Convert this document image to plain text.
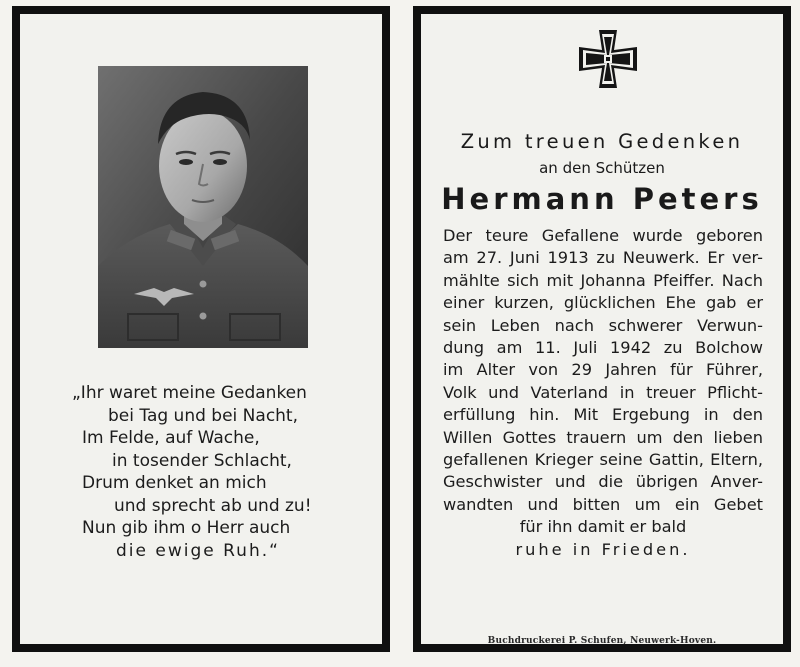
„Ihr waret meine Gedanken
bei Tag und bei Nacht,
Im Felde, auf Wache,
in tosender Schlacht,
Drum denket an mich
und sprecht ab und zu!
Nun gib ihm o Herr auch
die ewige Ruh.“
1939
Zum treuen Gedenken
an den Schützen
Hermann Peters
Der teure Gefallene wurde geboren
am 27. Juni 1913 zu Neuwerk. Er ver-
mählte sich mit Johanna Pfeiffer. Nach
einer kurzen, glücklichen Ehe gab er
sein Leben nach schwerer Verwun-
dung am 11. Juli 1942 zu Bolchow
im Alter von 29 Jahren für Führer,
Volk und Vaterland in treuer Pflicht-
erfüllung hin. Mit Ergebung in den
Willen Gottes trauern um den lieben
gefallenen Krieger seine Gattin, Eltern,
Geschwister und die übrigen Anver-
wandten und bitten um ein Gebet
für ihn damit er bald
ruhe in Frieden.
Buchdruckerei P. Schufen, Neuwerk-Hoven.
